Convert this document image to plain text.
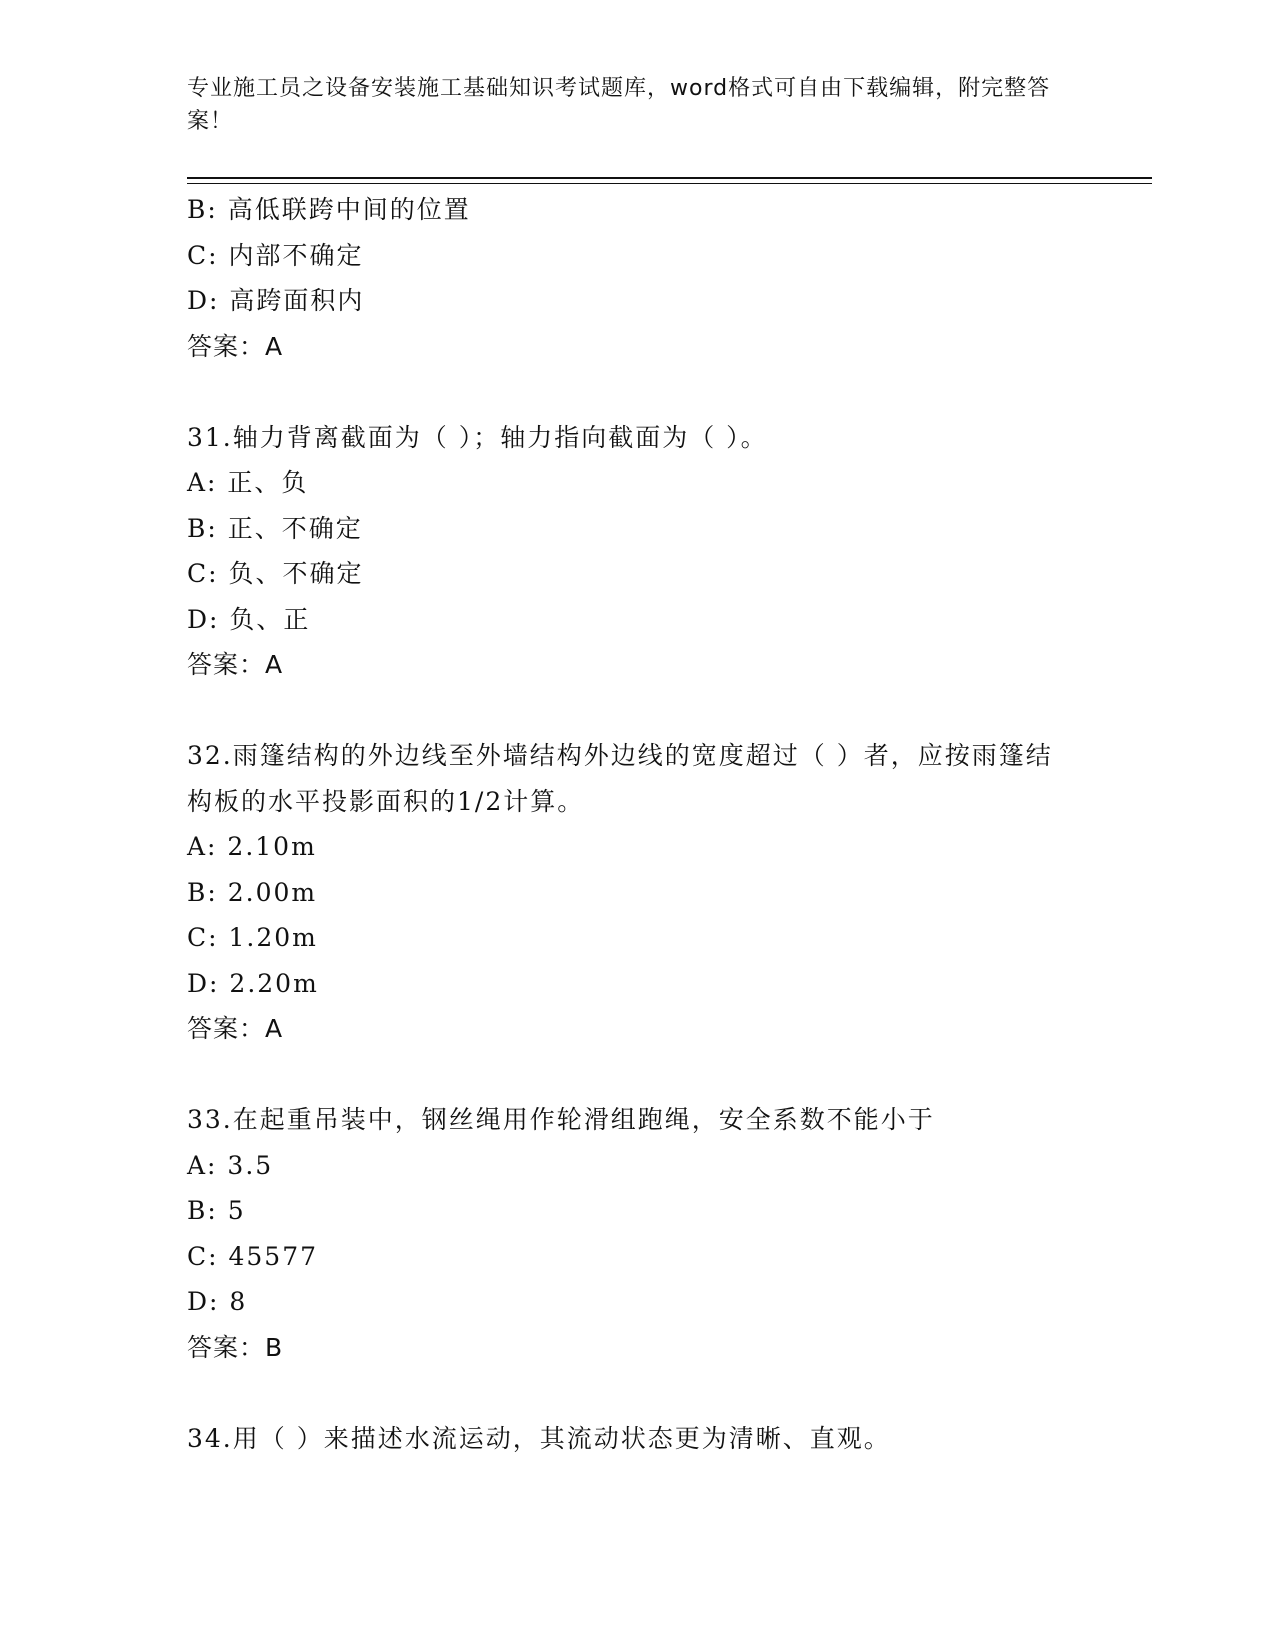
专业施工员之设备安装施工基础知识考试题库，word格式可自由下载编辑，附完整答案！
B: 高低联跨中间的位置
C: 内部不确定
D: 高跨面积内
答案：A
31.轴力背离截面为（ ）；轴力指向截面为（ ）。
A: 正、负
B: 正、不确定
C: 负、不确定
D: 负、正
答案：A
32.雨篷结构的外边线至外墙结构外边线的宽度超过（ ）者，应按雨篷结构板的水平投影面积的1/2计算。
A: 2.10m
B: 2.00m
C: 1.20m
D: 2.20m
答案：A
33.在起重吊装中，钢丝绳用作轮滑组跑绳，安全系数不能小于
A: 3.5
B: 5
C: 45577
D: 8
答案：B
34.用（ ）来描述水流运动，其流动状态更为清晰、直观。
